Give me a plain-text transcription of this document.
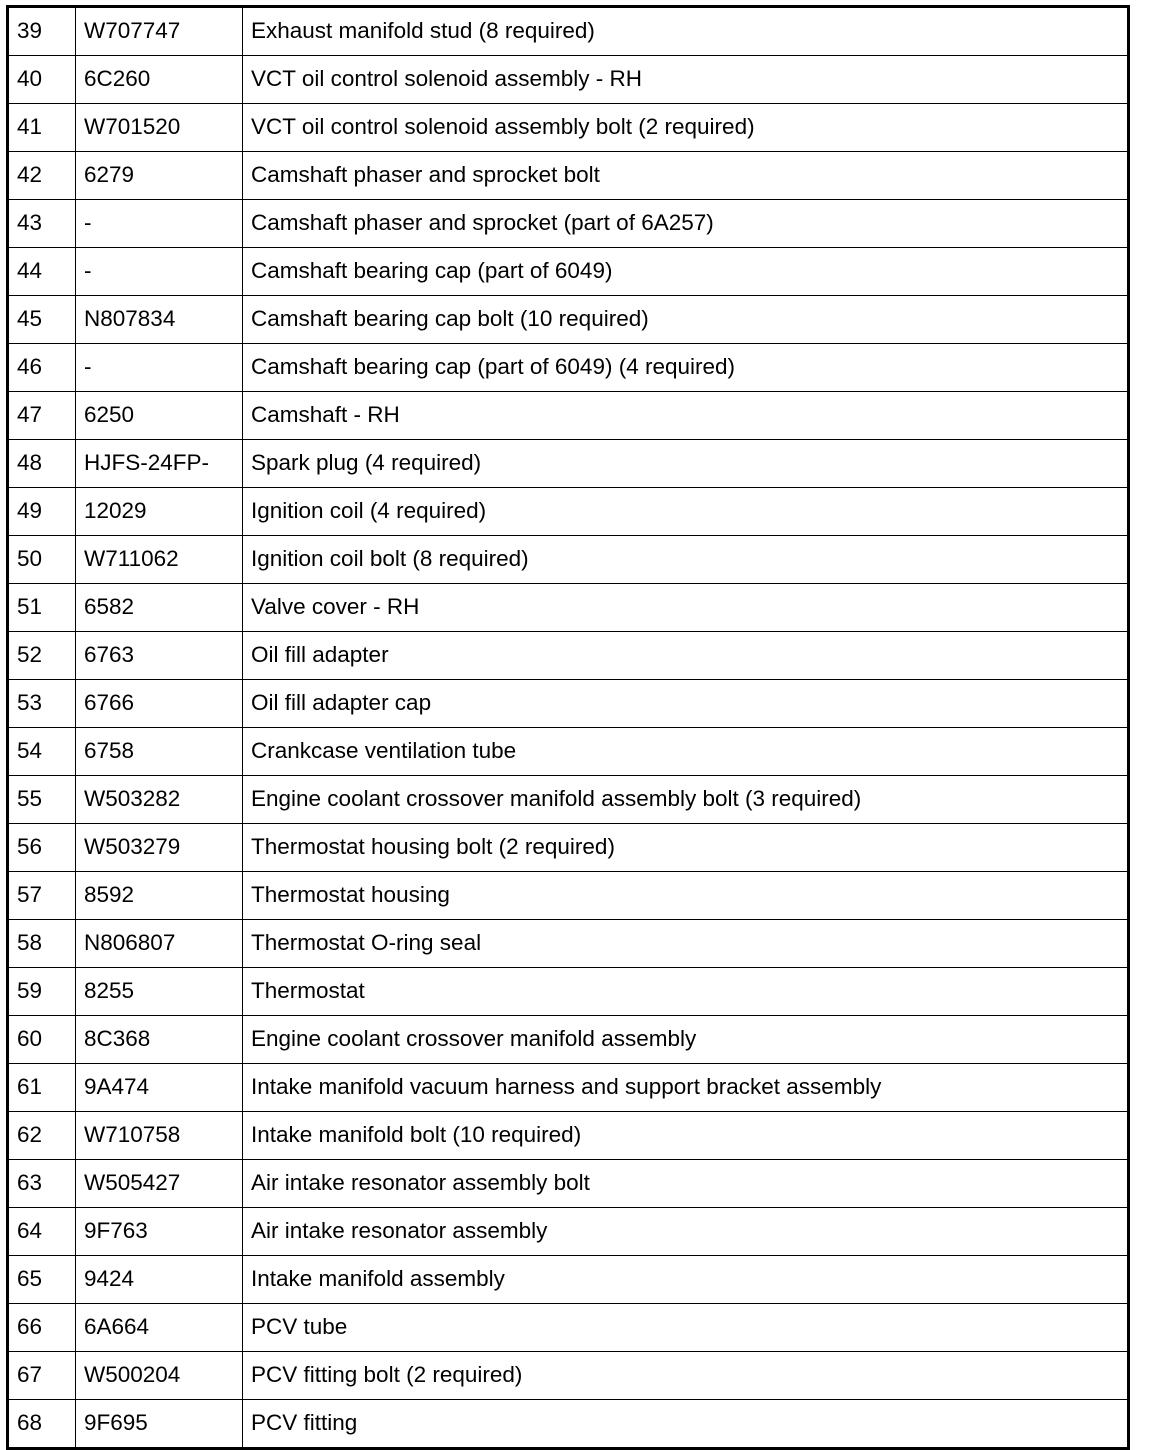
39	W707747	Exhaust manifold stud (8 required)
40	6C260	VCT oil control solenoid assembly - RH
41	W701520	VCT oil control solenoid assembly bolt (2 required)
42	6279	Camshaft phaser and sprocket bolt
43	-	Camshaft phaser and sprocket (part of 6A257)
44	-	Camshaft bearing cap (part of 6049)
45	N807834	Camshaft bearing cap bolt (10 required)
46	-	Camshaft bearing cap (part of 6049) (4 required)
47	6250	Camshaft - RH
48	HJFS-24FP-	Spark plug (4 required)
49	12029	Ignition coil (4 required)
50	W711062	Ignition coil bolt (8 required)
51	6582	Valve cover - RH
52	6763	Oil fill adapter
53	6766	Oil fill adapter cap
54	6758	Crankcase ventilation tube
55	W503282	Engine coolant crossover manifold assembly bolt (3 required)
56	W503279	Thermostat housing bolt (2 required)
57	8592	Thermostat housing
58	N806807	Thermostat O-ring seal
59	8255	Thermostat
60	8C368	Engine coolant crossover manifold assembly
61	9A474	Intake manifold vacuum harness and support bracket assembly
62	W710758	Intake manifold bolt (10 required)
63	W505427	Air intake resonator assembly bolt
64	9F763	Air intake resonator assembly
65	9424	Intake manifold assembly
66	6A664	PCV tube
67	W500204	PCV fitting bolt (2 required)
68	9F695	PCV fitting
